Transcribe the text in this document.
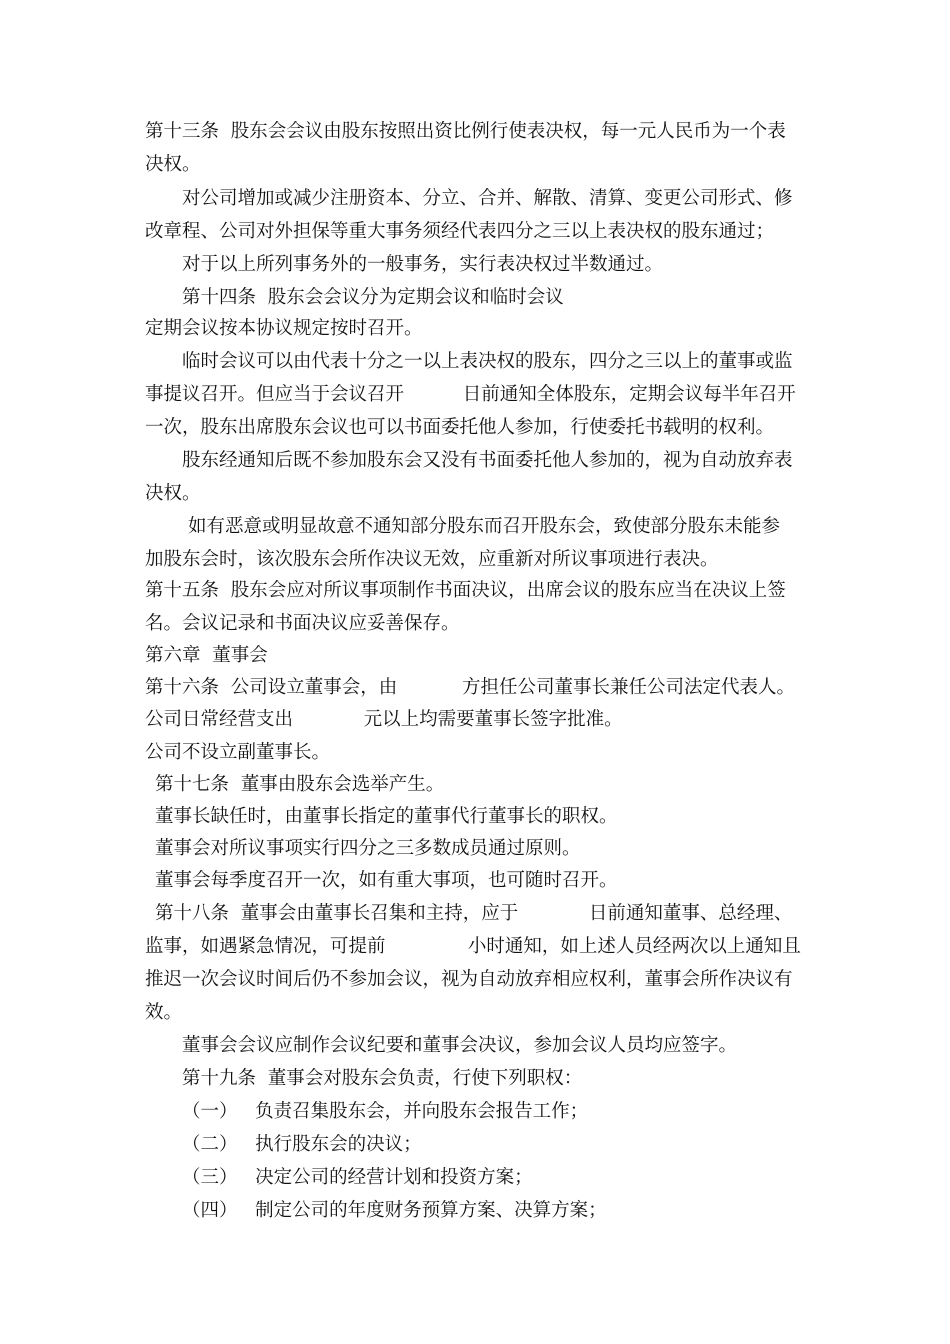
第十三条  股东会会议由股东按照出资比例行使表决权，每一元人民币为一个表
决权。
对公司增加或减少注册资本、分立、合并、解散、清算、变更公司形式、修
改章程、公司对外担保等重大事务须经代表四分之三以上表决权的股东通过；
对于以上所列事务外的一般事务，实行表决权过半数通过。
第十四条  股东会会议分为定期会议和临时会议
定期会议按本协议规定按时召开。
临时会议可以由代表十分之一以上表决权的股东，四分之三以上的董事或监
事提议召开。但应当于会议召开          日前通知全体股东，定期会议每半年召开
一次，股东出席股东会议也可以书面委托他人参加，行使委托书载明的权利。
股东经通知后既不参加股东会又没有书面委托他人参加的，视为自动放弃表
决权。
如有恶意或明显故意不通知部分股东而召开股东会，致使部分股东未能参
加股东会时，该次股东会所作决议无效，应重新对所议事项进行表决。
第十五条  股东会应对所议事项制作书面决议，出席会议的股东应当在决议上签
名。会议记录和书面决议应妥善保存。
第六章  董事会
第十六条  公司设立董事会，由           方担任公司董事长兼任公司法定代表人。
公司日常经营支出            元以上均需要董事长签字批准。
公司不设立副董事长。
第十七条  董事由股东会选举产生。
董事长缺任时，由董事长指定的董事代行董事长的职权。
董事会对所议事项实行四分之三多数成员通过原则。
董事会每季度召开一次，如有重大事项，也可随时召开。
第十八条  董事会由董事长召集和主持，应于            日前通知董事、总经理、
监事，如遇紧急情况，可提前              小时通知，如上述人员经两次以上通知且
推迟一次会议时间后仍不参加会议，视为自动放弃相应权利，董事会所作决议有
效。
董事会会议应制作会议纪要和董事会决议，参加会议人员均应签字。
第十九条  董事会对股东会负责，行使下列职权：
（一）   负责召集股东会，并向股东会报告工作；
（二）   执行股东会的决议；
（三）   决定公司的经营计划和投资方案；
（四）   制定公司的年度财务预算方案、决算方案；
